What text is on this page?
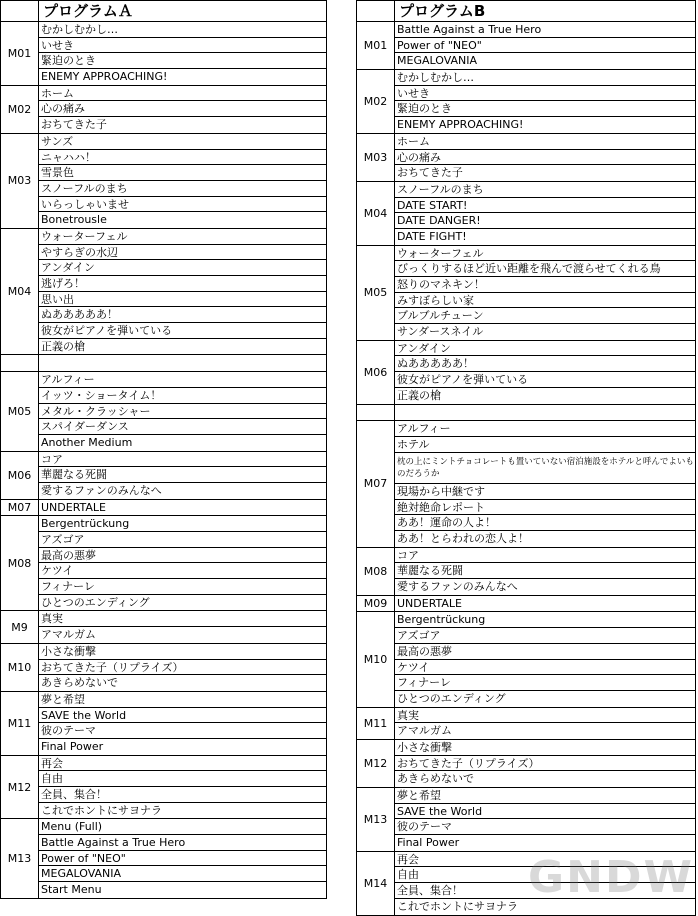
プログラムＡ
M01
むかしむかし…
いせき
緊迫のとき
ENEMY APPROACHING!
M02
ホーム
心の痛み
おちてきた子
M03
サンズ
ニャハハ！
雪景色
スノーフルのまち
いらっしゃいませ
Bonetrousle
M04
ウォーターフェル
やすらぎの水辺
アンダイン
逃げろ！
思い出
ぬあああああ！
彼女がピアノを弾いている
正義の槍
M05
アルフィー
イッツ・ショータイム！
メタル・クラッシャー
スパイダーダンス
Another Medium
M06
コア
華麗なる死闘
愛するファンのみんなへ
M07 UNDERTALE
M08
Bergentrückung
アズゴア
最高の悪夢
ケツイ
フィナーレ
ひとつのエンディング
M9
真実
アマルガム
M10
小さな衝撃
おちてきた子（リプライズ）
あきらめないで
M11
夢と希望
SAVE the World
彼のテーマ
Final Power
M12
再会
自由
全員、集合！
これでホントにサヨナラ
M13
Menu (Full)
Battle Against a True Hero
Power of "NEO"
MEGALOVANIA
Start Menu
プログラムB
M01
Battle Against a True Hero
Power of "NEO"
MEGALOVANIA
M02
むかしむかし…
いせき
緊迫のとき
ENEMY APPROACHING!
M03
ホーム
心の痛み
おちてきた子
M04
スノーフルのまち
DATE START!
DATE DANGER!
DATE FIGHT!
M05
ウォーターフェル
びっくりするほど近い距離を飛んで渡らせてくれる鳥
怒りのマネキン！
みすぼらしい家
ブルブルチューン
サンダースネイル
M06
アンダイン
ぬあああああ！
彼女がピアノを弾いている
正義の槍
M07
アルフィー
ホテル
枕の上にミントチョコレートも置いていない宿泊施設をホテルと呼んでよいものだろうか
現場から中継です
絶対絶命レポート
ああ！運命の人よ！
ああ！とらわれの恋人よ！
M08
コア
華麗なる死闘
愛するファンのみんなへ
M09 UNDERTALE
M10
Bergentrückung
アズゴア
最高の悪夢
ケツイ
フィナーレ
ひとつのエンディング
M11
真実
アマルガム
M12
小さな衝撃
おちてきた子（リプライズ）
あきらめないで
M13
夢と希望
SAVE the World
彼のテーマ
Final Power
M14
再会
自由
全員、集合！
これでホントにサヨナラ
GNDW
